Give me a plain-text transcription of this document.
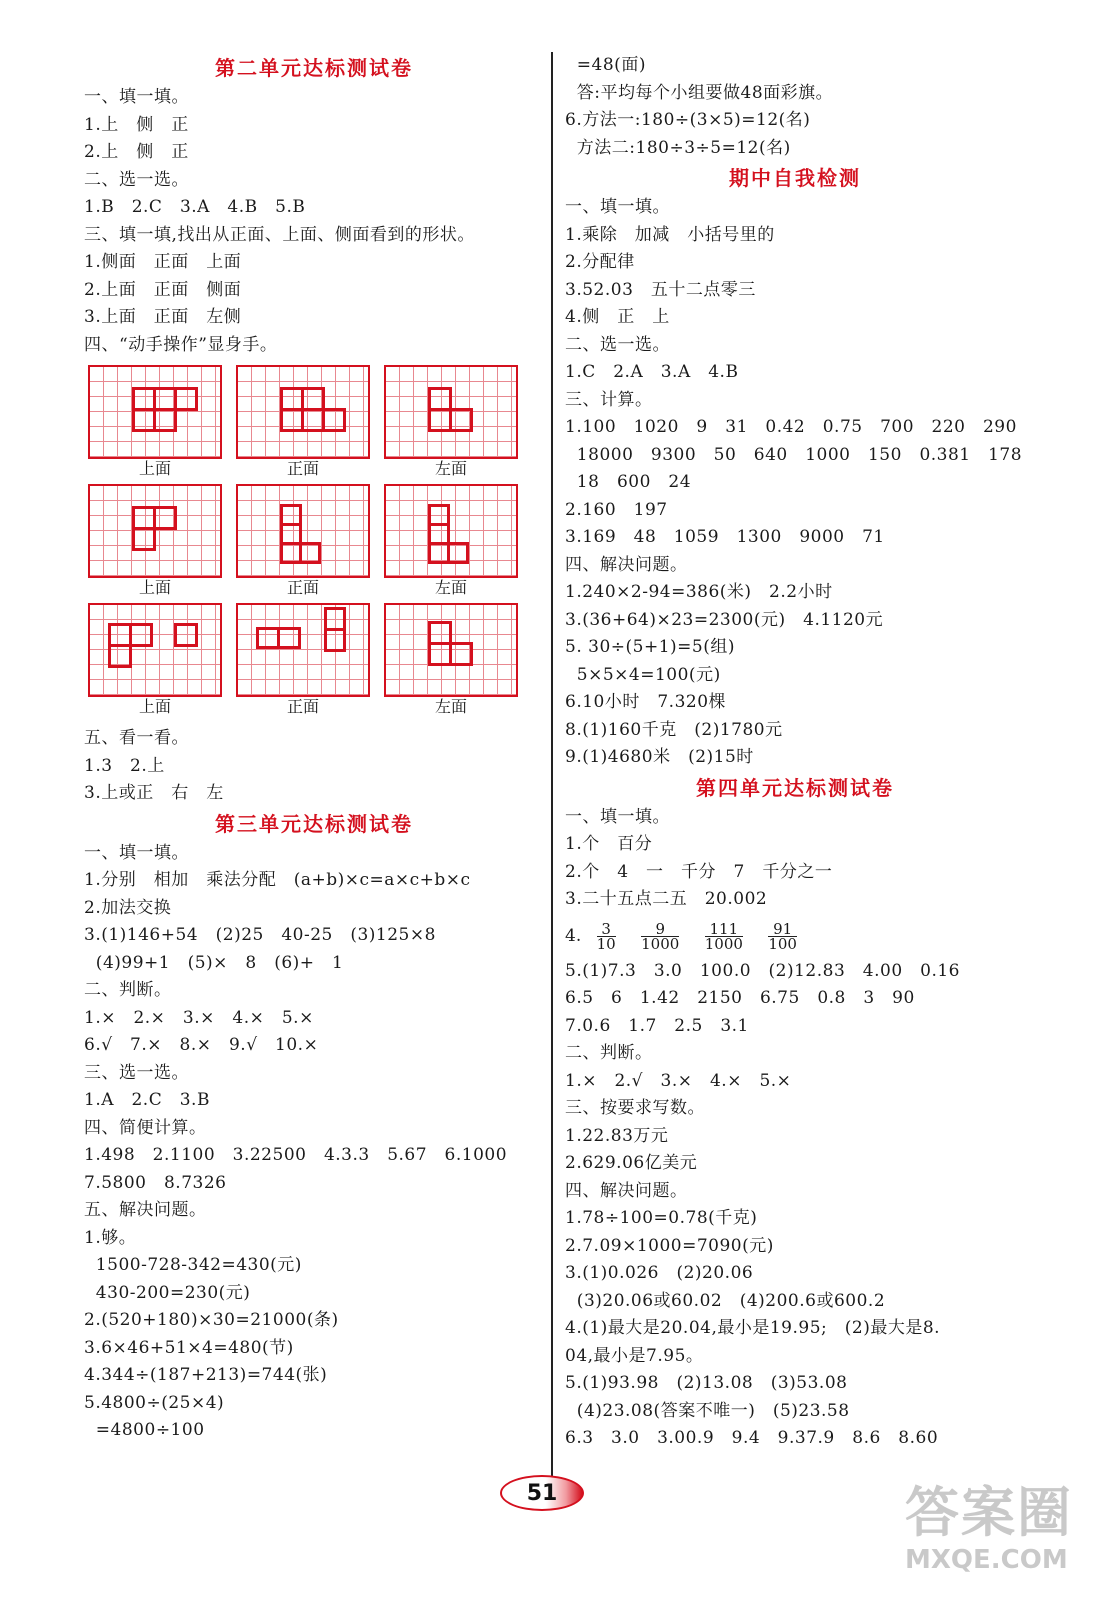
第二单元达标测试卷
一、填一填。
1.上　侧　正
2.上　侧　正
二、选一选。
1.B　2.C　3.A　4.B　5.B
三、填一填,找出从正面、上面、侧面看到的形状。
1.侧面　正面　上面
2.上面　正面　侧面
3.上面　正面　左侧
四、“动手操作”显身手。
上面	正面	左面
上面	正面	左面
上面	正面	左面
五、看一看。
1.3　2.上
3.上或正　右　左
第三单元达标测试卷
一、填一填。
1.分别　相加　乘法分配　(a+b)×c=a×c+b×c
2.加法交换
3.(1)146+54　(2)25　40-25　(3)125×8
(4)99+1　(5)×　8　(6)+　1
二、判断。
1.×　2.×　3.×　4.×　5.×
6.√　7.×　8.×　9.√　10.×
三、选一选。
1.A　2.C　3.B
四、简便计算。
1.498　2.1100　3.22500　4.3.3　5.67　6.1000
7.5800　8.7326
五、解决问题。
1.够。
1500-728-342=430(元)
430-200=230(元)
2.(520+180)×30=21000(条)
3.6×46+51×4=480(节)
4.344÷(187+213)=744(张)
5.4800÷(25×4)
=4800÷100
=48(面)
答:平均每个小组要做48面彩旗。
6.方法一:180÷(3×5)=12(名)
方法二:180÷3÷5=12(名)
期中自我检测
一、填一填。
1.乘除　加减　小括号里的
2.分配律
3.52.03　五十二点零三
4.侧　正　上
二、选一选。
1.C　2.A　3.A　4.B
三、计算。
1.100　1020　9　31　0.42　0.75　700　220　290
18000　9300　50　640　1000　150　0.381　178
18　600　24
2.160　197
3.169　48　1059　1300　9000　71
四、解决问题。
1.240×2-94=386(米)　2.2小时
3.(36+64)×23=2300(元)　4.1120元
5. 30÷(5+1)=5(组)
5×5×4=100(元)
6.10小时　7.320棵
8.(1)160千克　(2)1780元
9.(1)4680米　(2)15时
第四单元达标测试卷
一、填一填。
1.个　百分
2.个　4　一　千分　7　千分之一
3.二十五点二五　20.002
4. $\frac{3}{10}$
$\frac{9}{1000}$
$\frac{111}{1000}$
$\frac{91}{100}$
5.(1)7.3　3.0　100.0　(2)12.83　4.00　0.16
6.5　6　1.42　2150　6.75　0.8　3　90
7.0.6　1.7　2.5　3.1
二、判断。
1.×　2.√　3.×　4.×　5.×
三、按要求写数。
1.22.83万元
2.629.06亿美元
四、解决问题。
1.78÷100=0.78(千克)
2.7.09×1000=7090(元)
3.(1)0.026　(2)20.06
(3)20.06或60.02　(4)200.6或600.2
4.(1)最大是20.04,最小是19.95;　(2)最大是8.
04,最小是7.95。
5.(1)93.98　(2)13.08　(3)53.08
(4)23.08(答案不唯一)　(5)23.58
6.3　3.0　3.00.9　9.4　9.37.9　8.6　8.60
51	答案圈
MXQE.COM
